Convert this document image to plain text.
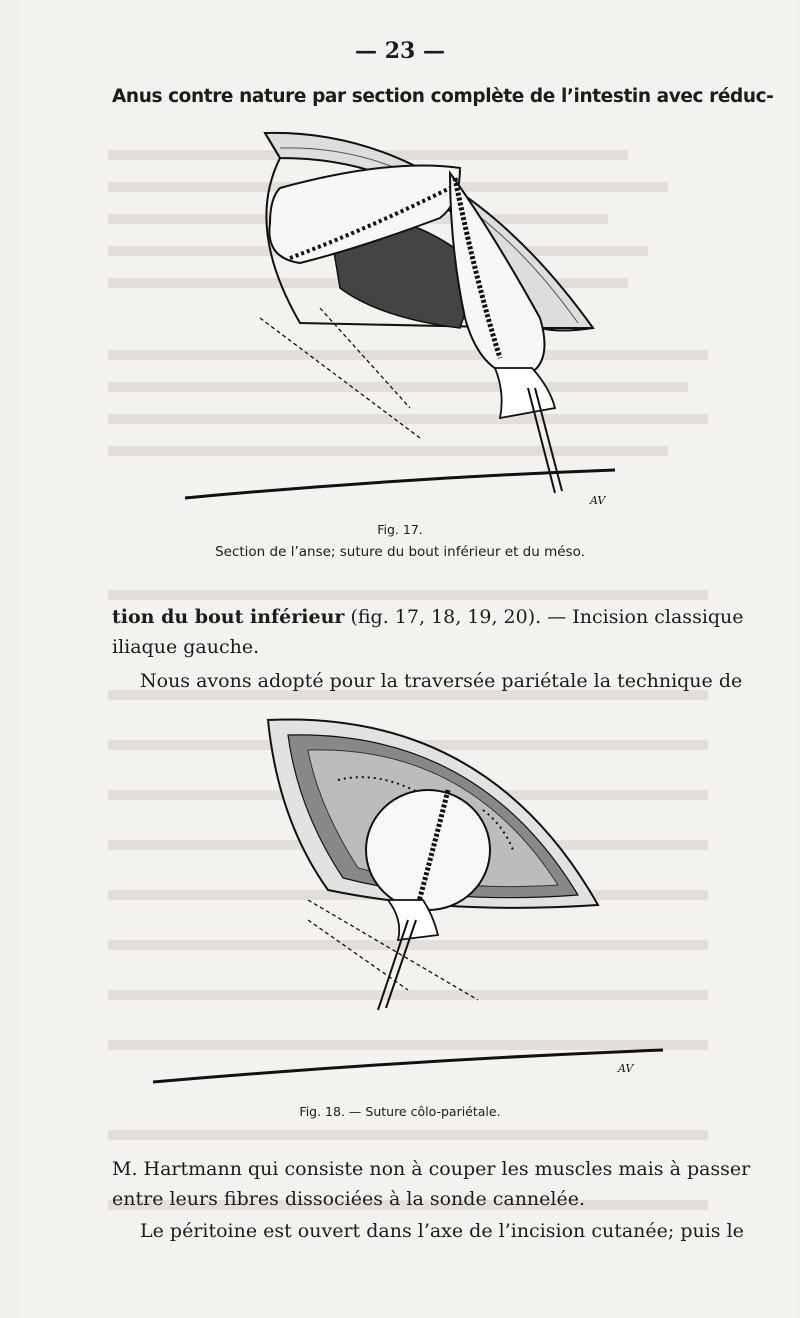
— 23 —
Anus contre nature par section complète de l’intestin avec réduc-
AV
Fig. 17.
Section de l’anse; suture du bout inférieur et du méso.
tion du bout inférieur (fig. 17, 18, 19, 20). — Incision classique
iliaque gauche.
Nous avons adopté pour la traversée pariétale la technique de
AV
Fig. 18. — Suture côlo-pariétale.
M. Hartmann qui consiste non à couper les muscles mais à passer
entre leurs fibres dissociées à la sonde cannelée.
Le péritoine est ouvert dans l’axe de l’incision cutanée; puis le
